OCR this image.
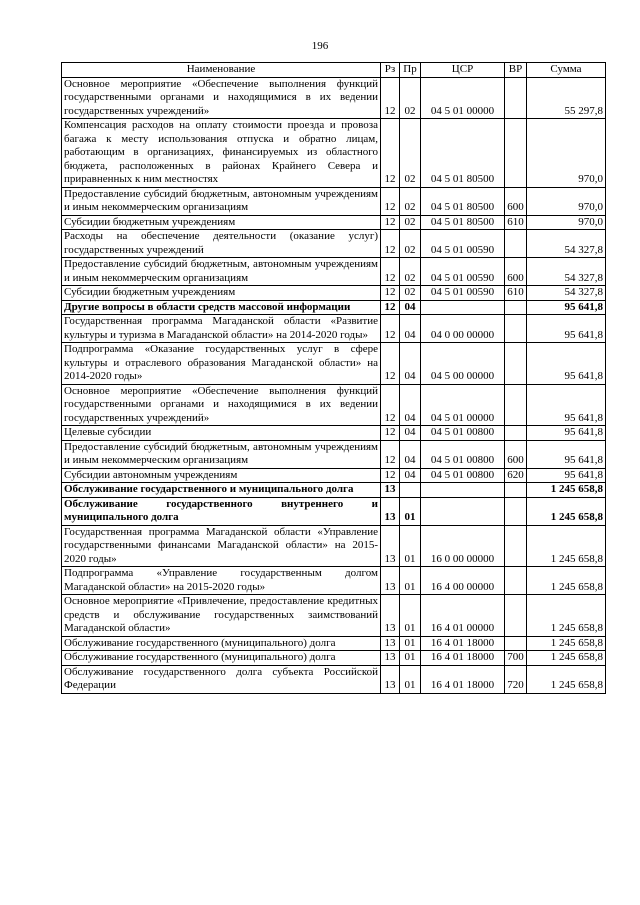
196
Наименование	Рз	Пр	ЦСР	ВР	Сумма
Основное мероприятие «Обеспечение выполнения функций государственными органами и находящимися в их ведении государственных учреждений»	12	02	04 5 01 00000		55 297,8
Компенсация расходов на оплату стоимости проезда и провоза багажа к месту использования отпуска и обратно лицам, работающим в организациях, финансируемых из областного бюджета, расположенных в районах Крайнего Севера и приравненных к ним местностях	12	02	04 5 01 80500		970,0
Предоставление субсидий бюджетным, автономным учреждениям и иным некоммерческим организациям	12	02	04 5 01 80500	600	970,0
Субсидии бюджетным учреждениям	12	02	04 5 01 80500	610	970,0
Расходы на обеспечение деятельности (оказание услуг) государственных учреждений	12	02	04 5 01 00590		54 327,8
Предоставление субсидий бюджетным, автономным учреждениям и иным некоммерческим организациям	12	02	04 5 01 00590	600	54 327,8
Субсидии бюджетным учреждениям	12	02	04 5 01 00590	610	54 327,8
Другие вопросы в области средств массовой информации	12	04			95 641,8
Государственная программа Магаданской области «Развитие культуры и туризма в Магаданской области» на 2014-2020 годы»	12	04	04 0 00 00000		95 641,8
Подпрограмма «Оказание государственных услуг в сфере культуры и отраслевого образования Магаданской области» на 2014-2020 годы»	12	04	04 5 00 00000		95 641,8
Основное мероприятие «Обеспечение выполнения функций государственными органами и находящимися в их ведении государственных учреждений»	12	04	04 5 01 00000		95 641,8
Целевые субсидии	12	04	04 5 01 00800		95 641,8
Предоставление субсидий бюджетным, автономным учреждениям и иным некоммерческим организациям	12	04	04 5 01 00800	600	95 641,8
Субсидии автономным учреждениям	12	04	04 5 01 00800	620	95 641,8
Обслуживание государственного и муниципального долга	13				1 245 658,8
Обслуживание государственного внутреннего и муниципального долга	13	01			1 245 658,8
Государственная программа Магаданской области «Управление государственными финансами Магаданской области» на 2015-2020 годы»	13	01	16 0 00 00000		1 245 658,8
Подпрограмма «Управление государственным долгом Магаданской области» на 2015-2020 годы»	13	01	16 4 00 00000		1 245 658,8
Основное мероприятие «Привлечение, предоставление кредитных средств и обслуживание государственных заимствований Магаданской области»	13	01	16 4 01 00000		1 245 658,8
Обслуживание государственного (муниципального) долга	13	01	16 4 01 18000		1 245 658,8
Обслуживание государственного (муниципального) долга	13	01	16 4 01 18000	700	1 245 658,8
Обслуживание государственного долга субъекта Российской Федерации	13	01	16 4 01 18000	720	1 245 658,8
